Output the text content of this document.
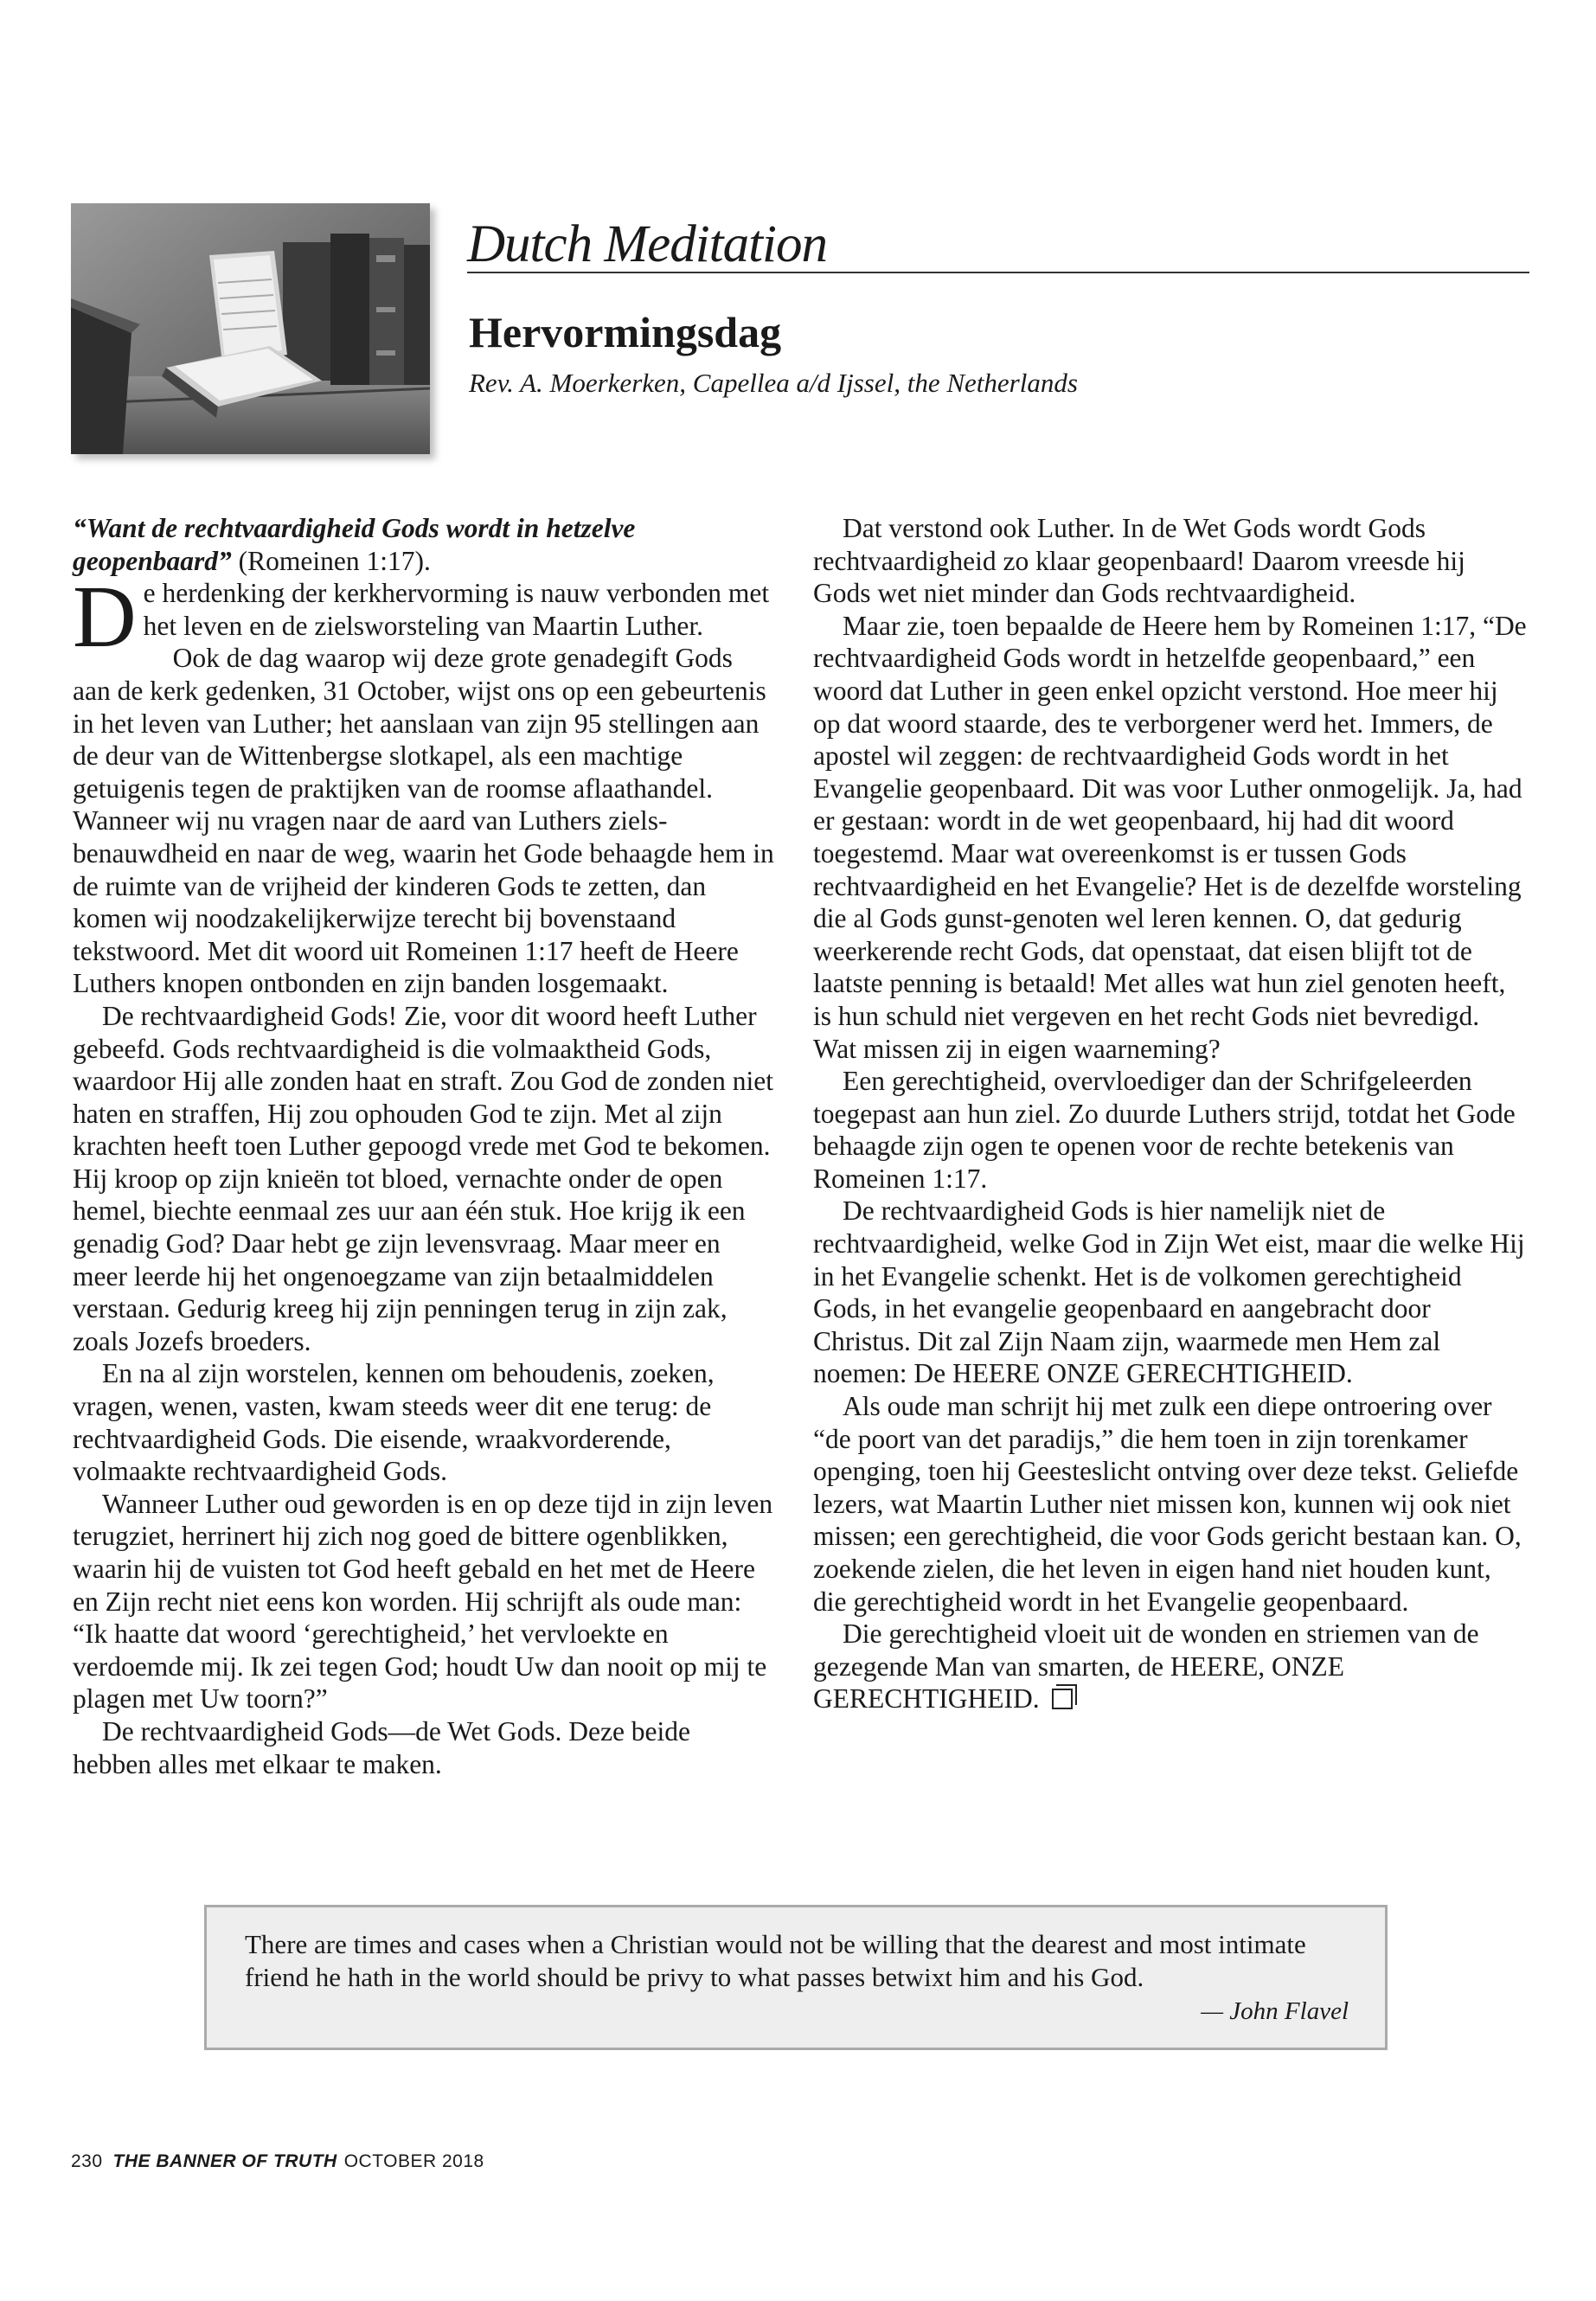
Dutch Meditation
Hervormingsdag

Rev. A. Moerkerken, Capellea a/d Ijssel, the Netherlands

“Want de rechtvaardigheid Gods wordt in hetzelve geopenbaard” (Romeinen 1:17).

De herdenking der kerkhervorming is nauw verbonden met het leven en de zielsworsteling van Maartin Luther.

Ook de dag waarop wij deze grote genadegift Gods aan de kerk gedenken, 31 October, wijst ons op een gebeurtenis in het leven van Luther; het aanslaan van zijn 95 stellingen aan de deur van de Wittenbergse slotkapel, als een machtige getuigenis tegen de praktijken van de roomse aflaathandel. Wanneer wij nu vragen naar de aard van Luthers ziels-benauwdheid en naar de weg, waarin het Gode behaagde hem in de ruimte van de vrijheid der kinderen Gods te zetten, dan komen wij noodzakelijkerwijze terecht bij bovenstaand tekstwoord. Met dit woord uit Romeinen 1:17 heeft de Heere Luthers knopen ontbonden en zijn banden losgemaakt.

De rechtvaardigheid Gods! Zie, voor dit woord heeft Luther gebeefd. Gods rechtvaardigheid is die volmaaktheid Gods, waardoor Hij alle zonden haat en straft. Zou God de zonden niet haten en straffen, Hij zou ophouden God te zijn. Met al zijn krachten heeft toen Luther gepoogd vrede met God te bekomen. Hij kroop op zijn knieën tot bloed, vernachte onder de open hemel, biechte eenmaal zes uur aan één stuk. Hoe krijg ik een genadig God? Daar hebt ge zijn levensvraag. Maar meer en meer leerde hij het ongenoegzame van zijn betaalmiddelen verstaan. Gedurig kreeg hij zijn penningen terug in zijn zak, zoals Jozefs broeders.

En na al zijn worstelen, kennen om behoudenis, zoeken, vragen, wenen, vasten, kwam steeds weer dit ene terug: de rechtvaardigheid Gods. Die eisende, wraakvorderende, volmaakte rechtvaardigheid Gods.

Wanneer Luther oud geworden is en op deze tijd in zijn leven terugziet, herrinert hij zich nog goed de bittere ogenblikken, waarin hij de vuisten tot God heeft gebald en het met de Heere en Zijn recht niet eens kon worden. Hij schrijft als oude man: “Ik haatte dat woord ‘gerechtigheid,’ het vervloekte en verdoemde mij. Ik zei tegen God; houdt Uw dan nooit op mij te plagen met Uw toorn?”

De rechtvaardigheid Gods—de Wet Gods. Deze beide hebben alles met elkaar te maken.

Dat verstond ook Luther. In de Wet Gods wordt Gods rechtvaardigheid zo klaar geopenbaard! Daarom vreesde hij Gods wet niet minder dan Gods rechtvaardigheid.

Maar zie, toen bepaalde de Heere hem by Romeinen 1:17, “De rechtvaardigheid Gods wordt in hetzelfde geopenbaard,” een woord dat Luther in geen enkel opzicht verstond. Hoe meer hij op dat woord staarde, des te verborgener werd het. Immers, de apostel wil zeggen: de rechtvaardigheid Gods wordt in het Evangelie geopenbaard. Dit was voor Luther onmogelijk. Ja, had er gestaan: wordt in de wet geopenbaard, hij had dit woord toegestemd. Maar wat overeenkomst is er tussen Gods rechtvaardigheid en het Evangelie? Het is de dezelfde worsteling die al Gods gunst-genoten wel leren kennen. O, dat gedurig weerkerende recht Gods, dat openstaat, dat eisen blijft tot de laatste penning is betaald! Met alles wat hun ziel genoten heeft, is hun schuld niet vergeven en het recht Gods niet bevredigd. Wat missen zij in eigen waarneming?

Een gerechtigheid, overvloediger dan der Schrifgeleerden toegepast aan hun ziel. Zo duurde Luthers strijd, totdat het Gode behaagde zijn ogen te openen voor de rechte betekenis van Romeinen 1:17.

De rechtvaardigheid Gods is hier namelijk niet de rechtvaardigheid, welke God in Zijn Wet eist, maar die welke Hij in het Evangelie schenkt. Het is de volkomen gerechtigheid Gods, in het evangelie geopenbaard en aangebracht door Christus. Dit zal Zijn Naam zijn, waarmede men Hem zal noemen: De HEERE ONZE GERECHTIGHEID.

Als oude man schrijt hij met zulk een diepe ontroering over “de poort van det paradijs,” die hem toen in zijn torenkamer openging, toen hij Geesteslicht ontving over deze tekst. Geliefde lezers, wat Maartin Luther niet missen kon, kunnen wij ook niet missen; een gerechtigheid, die voor Gods gericht bestaan kan. O, zoekende zielen, die het leven in eigen hand niet houden kunt, die gerechtigheid wordt in het Evangelie geopenbaard.

Die gerechtigheid vloeit uit de wonden en striemen van de gezegende Man van smarten, de HEERE, ONZE GERECHTIGHEID.

There are times and cases when a Christian would not be willing that the dearest and most intimate friend he hath in the world should be privy to what passes betwixt him and his God.

— John Flavel

230 THE BANNER OF TRUTH OCTOBER 2018
